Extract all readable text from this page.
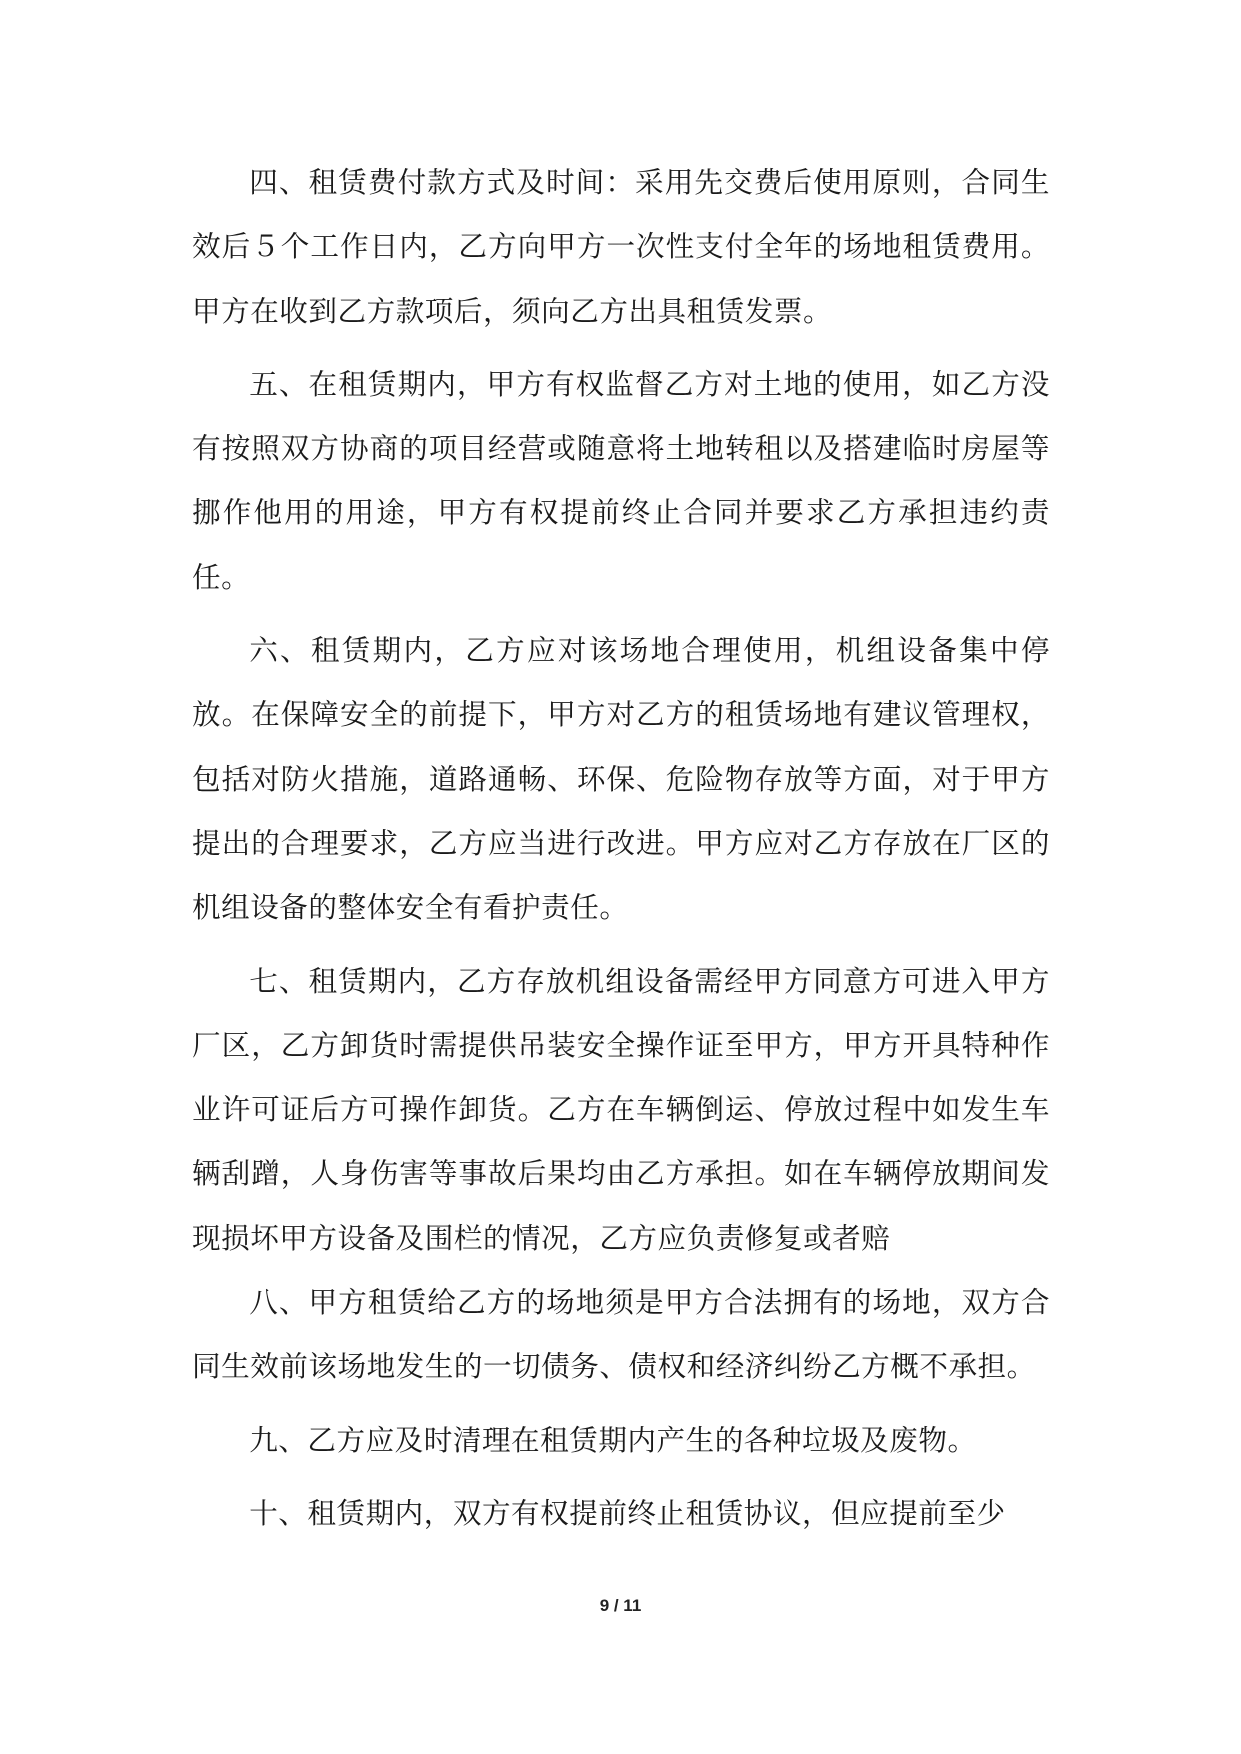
四、租赁费付款方式及时间：采用先交费后使用原则，合同生效后５个工作日内，乙方向甲方一次性支付全年的场地租赁费用。甲方在收到乙方款项后，须向乙方出具租赁发票。

五、在租赁期内，甲方有权监督乙方对土地的使用，如乙方没有按照双方协商的项目经营或随意将土地转租以及搭建临时房屋等挪作他用的用途，甲方有权提前终止合同并要求乙方承担违约责任。

六、租赁期内，乙方应对该场地合理使用，机组设备集中停放。在保障安全的前提下，甲方对乙方的租赁场地有建议管理权，包括对防火措施，道路通畅、环保、危险物存放等方面，对于甲方提出的合理要求，乙方应当进行改进。甲方应对乙方存放在厂区的机组设备的整体安全有看护责任。

七、租赁期内，乙方存放机组设备需经甲方同意方可进入甲方厂区，乙方卸货时需提供吊装安全操作证至甲方，甲方开具特种作业许可证后方可操作卸货。乙方在车辆倒运、停放过程中如发生车辆刮蹭，人身伤害等事故后果均由乙方承担。如在车辆停放期间发现损坏甲方设备及围栏的情况，乙方应负责修复或者赔

八、甲方租赁给乙方的场地须是甲方合法拥有的场地，双方合同生效前该场地发生的一切债务、债权和经济纠纷乙方概不承担。

九、乙方应及时清理在租赁期内产生的各种垃圾及废物。

十、租赁期内，双方有权提前终止租赁协议，但应提前至少

9 / 11
